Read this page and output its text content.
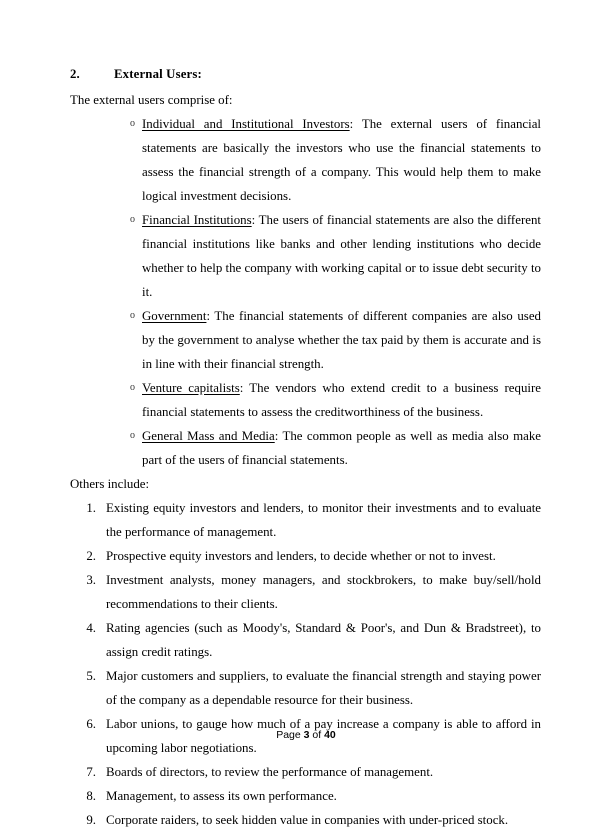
2.	External Users:

The external users comprise of:

o Individual and Institutional Investors: The external users of financial statements are basically the investors who use the financial statements to assess the financial strength of a company. This would help them to make logical investment decisions.
o Financial Institutions: The users of financial statements are also the different financial institutions like banks and other lending institutions who decide whether to help the company with working capital or to issue debt security to it.
o Government: The financial statements of different companies are also used by the government to analyse whether the tax paid by them is accurate and is in line with their financial strength.
o Venture capitalists: The vendors who extend credit to a business require financial statements to assess the creditworthiness of the business.
o General Mass and Media: The common people as well as media also make part of the users of financial statements.

Others include:

1. Existing equity investors and lenders, to monitor their investments and to evaluate the performance of management.
2. Prospective equity investors and lenders, to decide whether or not to invest.
3. Investment analysts, money managers, and stockbrokers, to make buy/sell/hold recommendations to their clients.
4. Rating agencies (such as Moody's, Standard & Poor's, and Dun & Bradstreet), to assign credit ratings.
5. Major customers and suppliers, to evaluate the financial strength and staying power of the company as a dependable resource for their business.
6. Labor unions, to gauge how much of a pay increase a company is able to afford in upcoming labor negotiations.
7. Boards of directors, to review the performance of management.
8. Management, to assess its own performance.
9. Corporate raiders, to seek hidden value in companies with under-priced stock.
Page 3 of 40
